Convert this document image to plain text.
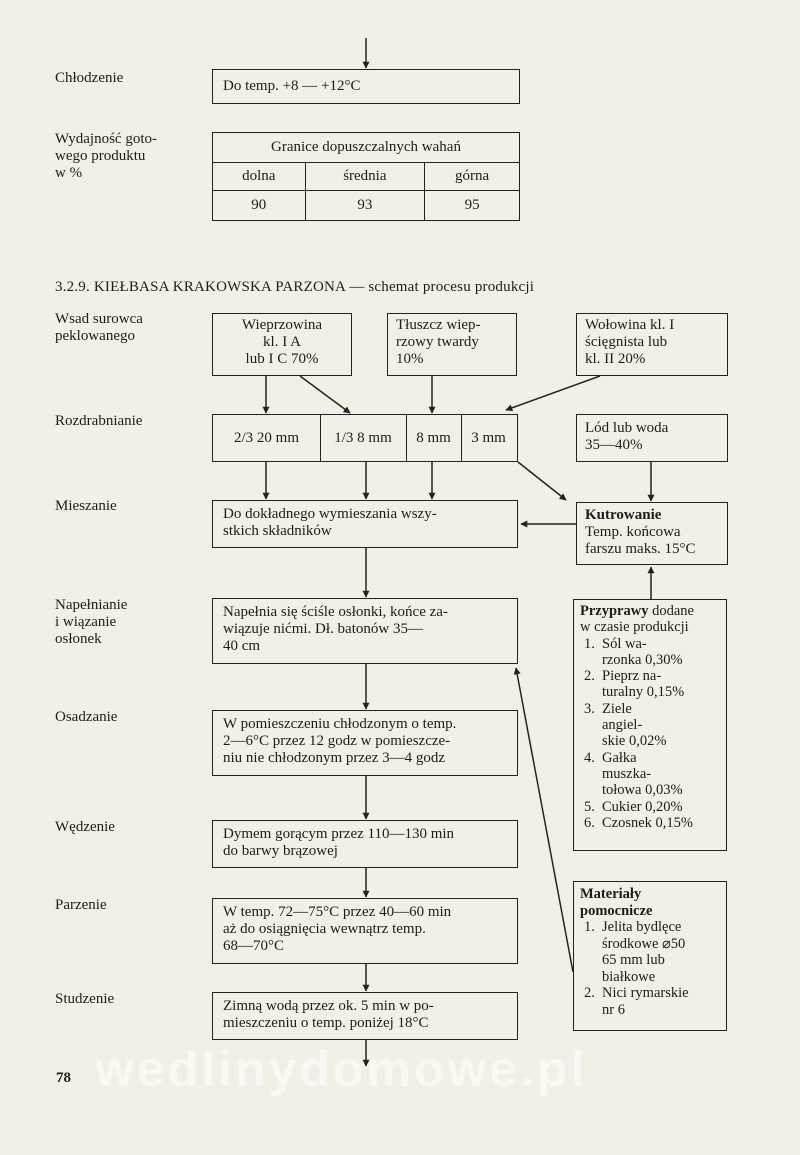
Chłodzenie	Do temp. +8 — +12°C
Wydajność goto-
wego produktu
w %
Granice dopuszczalnych wahań		
dolna	średnia	górna
90	93	95
3.2.9. KIEŁBASA KRAKOWSKA PARZONA — schemat procesu produkcji
Wsad surowca
peklowanego
Rozdrabnianie
Mieszanie
Napełnianie
i wiązanie
osłonek
Osadzanie
Wędzenie
Parzenie
Studzenie
Wieprzowina
kl. I A
lub I C 70%
Tłuszcz wiep-
rzowy twardy
10%
Wołowina kl. I
ścięgnista lub
kl. II 20%
2/3 20 mm	1/3 8 mm	8 mm	3 mm
Lód lub woda
35—40%
Kutrowanie
Temp. końcowa
farszu maks. 15°C
Do dokładnego wymieszania wszy-
stkich składników
Napełnia się ściśle osłonki, końce za-
wiązuje nićmi. Dł. batonów 35—
40 cm
W pomieszczeniu chłodzonym o temp.
2—6°C przez 12 godz w pomieszcze-
niu nie chłodzonym przez 3—4 godz
Dymem gorącym przez 110—130 min
do barwy brązowej
W temp. 72—75°C przez 40—60 min
aż do osiągnięcia wewnątrz temp.
68—70°C
Zimną wodą przez ok. 5 min w po-
mieszczeniu o temp. poniżej 18°C
Przyprawy dodane
w czasie produkcji
1. Sól wa-
rzonka 0,30%
2. Pieprz na-
turalny 0,15%
3. Ziele
angiel-
skie 0,02%
4. Gałka
muszka-
tołowa 0,03%
5. Cukier 0,20%
6. Czosnek 0,15%
Materiały
pomocnicze
1. Jelita bydlęce
środkowe ⌀50
65 mm lub
białkowe
2. Nici rymarskie
nr 6
wedlinydomowe.pl
78
